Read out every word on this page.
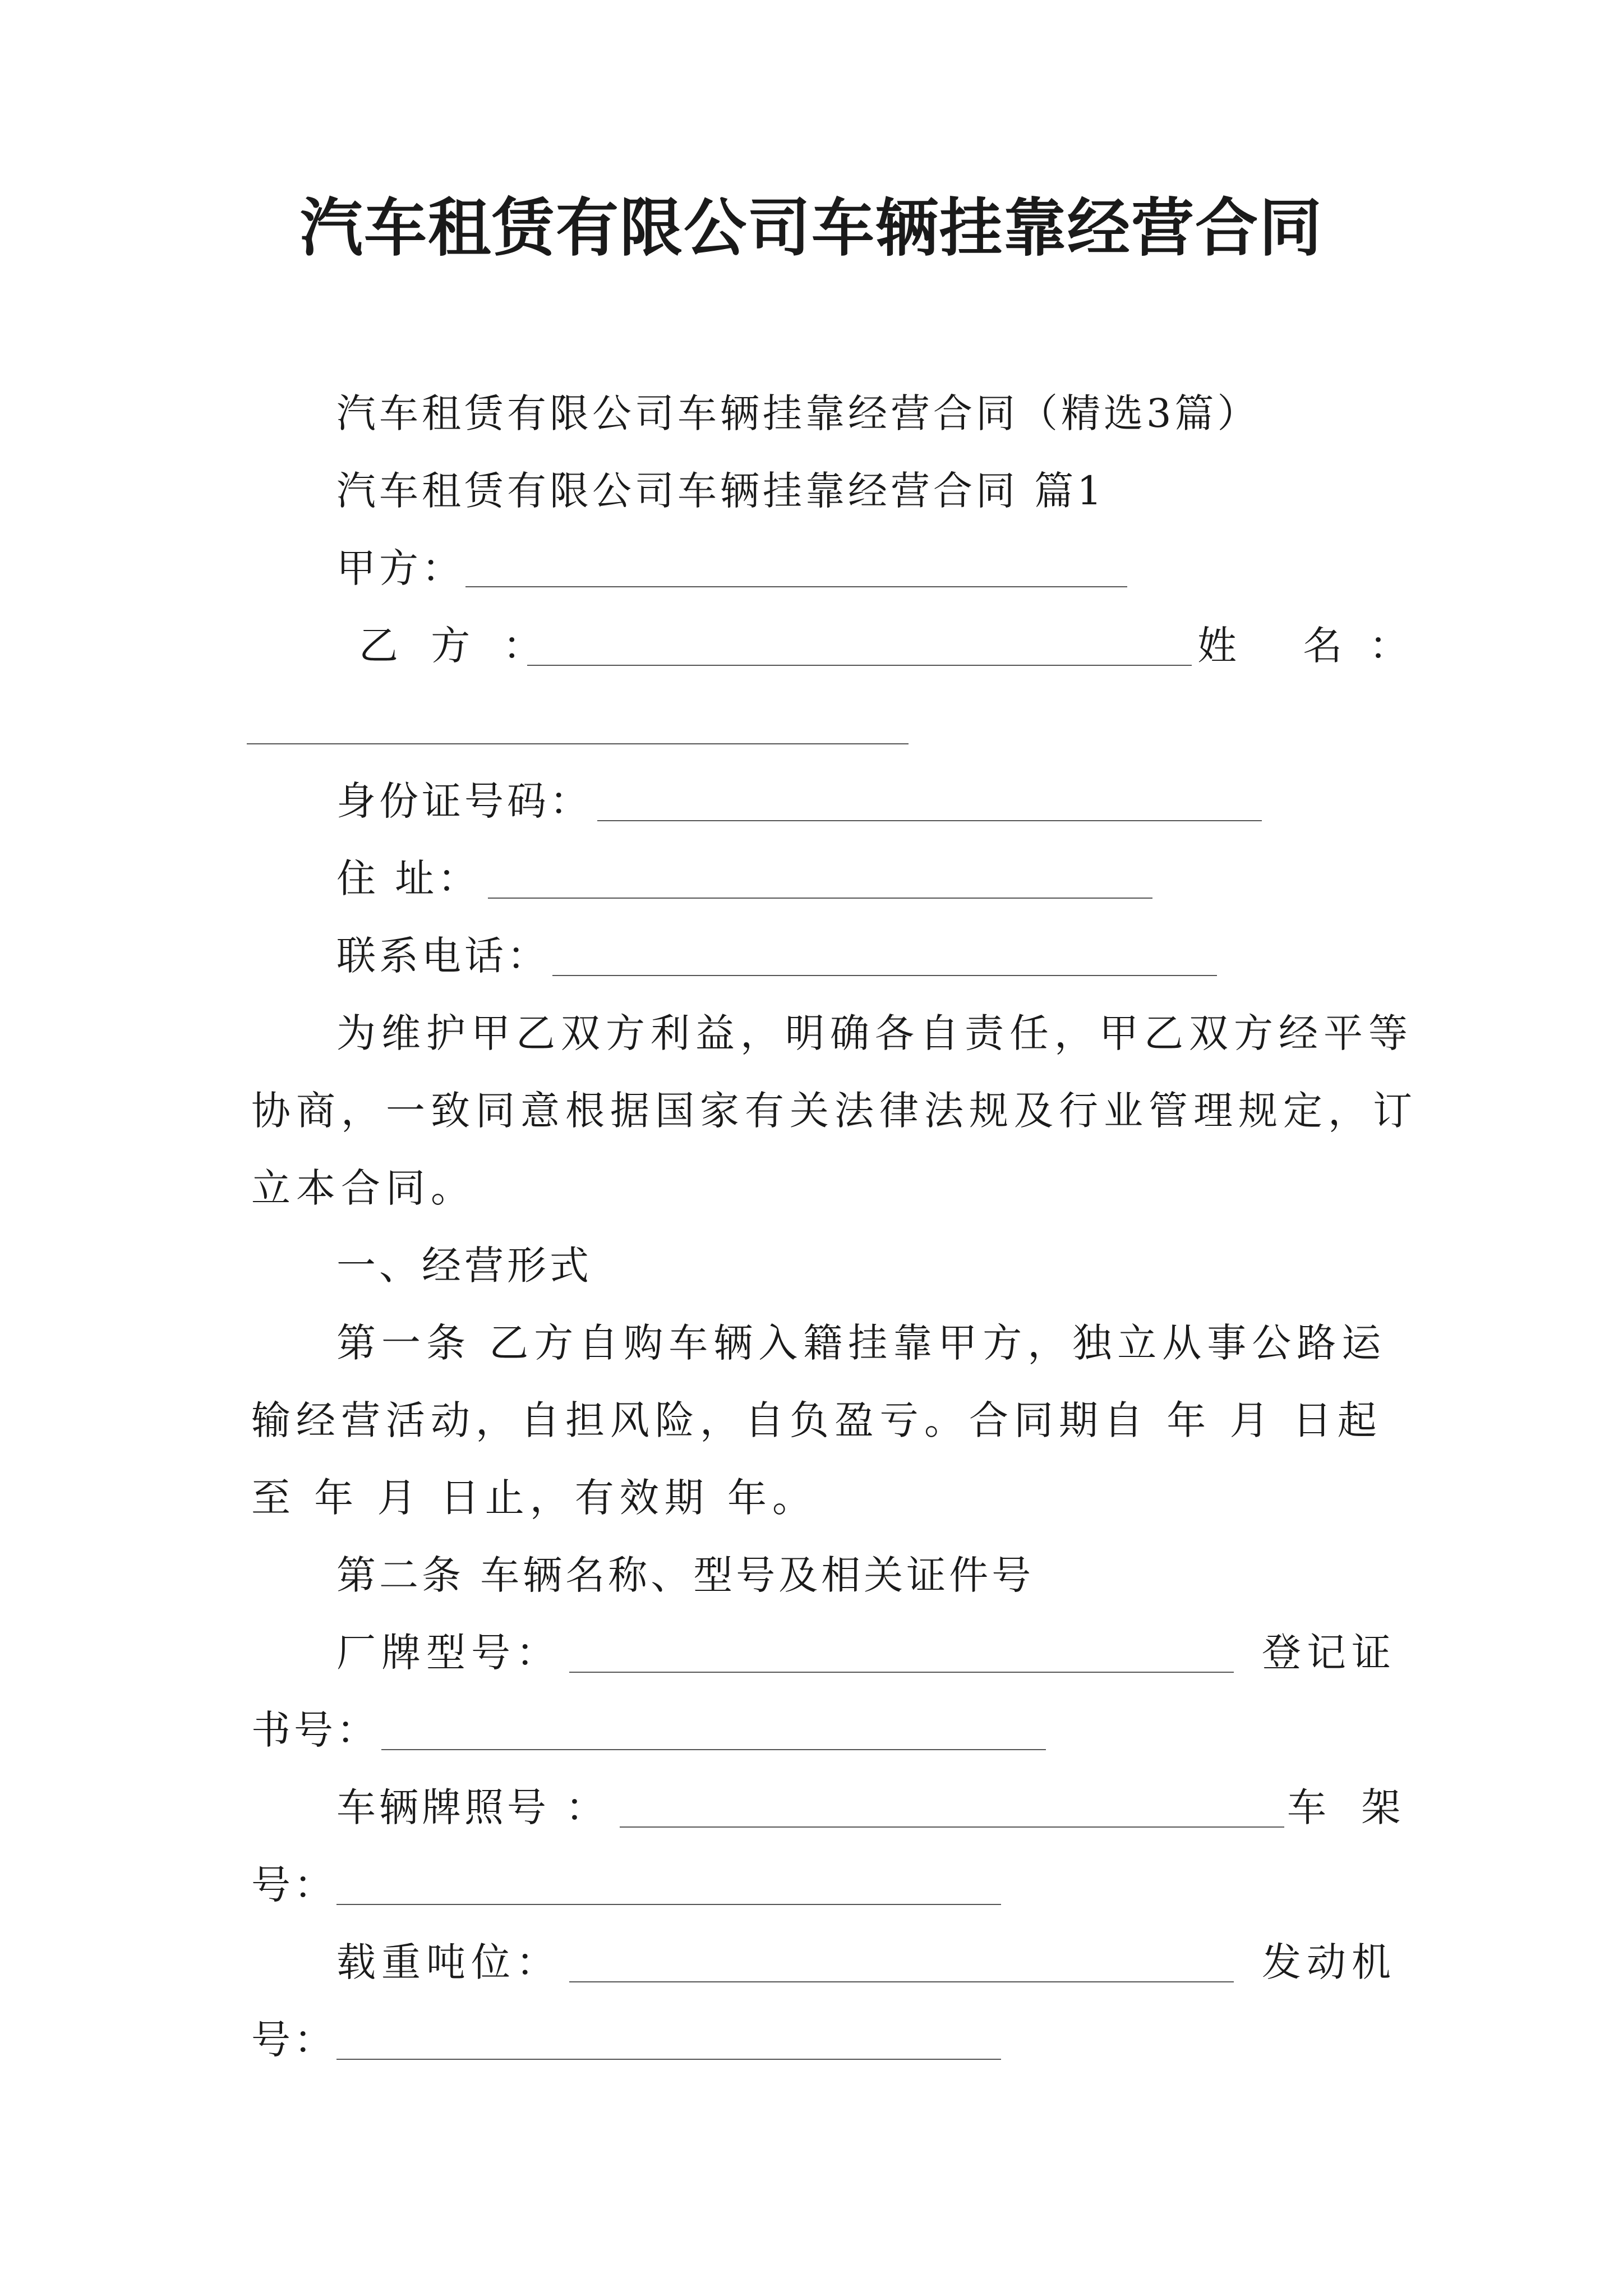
汽车租赁有限公司车辆挂靠经营合同
汽车租赁有限公司车辆挂靠经营合同（精选3篇）
汽车租赁有限公司车辆挂靠经营合同 篇1
甲方：
乙 方 ：	姓 名：
身份证号码：
住 址：
联系电话：
为维护甲乙双方利益，明确各自责任，甲乙双方经平等
协商，一致同意根据国家有关法律法规及行业管理规定，订
立本合同。
一、经营形式
第一条 乙方自购车辆入籍挂靠甲方，独立从事公路运
输经营活动，自担风险，自负盈亏。合同期自 年 月 日起
至 年 月 日止，有效期 年。
第二条 车辆名称、型号及相关证件号
厂牌型号：	登记证
书号：
车辆牌照号 ：	车 架
号：
载重吨位：	发动机
号：
